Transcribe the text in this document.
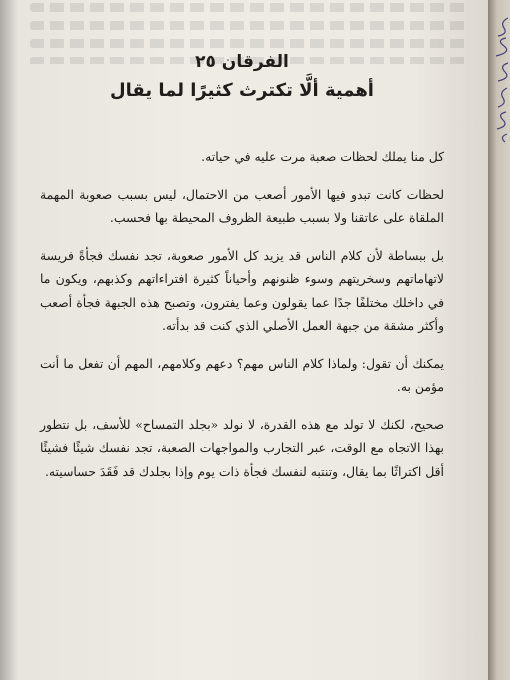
الفرقان ٢٥
أهمية ألَّا تكترث كثيرًا لما يقال

كل منا يملك لحظات صعبة مرت عليه في حياته.

لحظات كانت تبدو فيها الأمور أصعب من الاحتمال، ليس بسبب صعوبة المهمة الملقاة على عاتقنا ولا بسبب طبيعة الظروف المحيطة بها فحسب.

بل ببساطة لأن كلام الناس قد يزيد كل الأمور صعوبة، تجد نفسك فجأةً فريسة لاتهاماتهم وسخريتهم وسوء ظنونهم وأحياناً كثيرة افتراءاتهم وكذبهم، ويكون ما في داخلك مختلفًا جدًا عما يقولون وعما يفترون، وتصبح هذه الجبهة فجأة أصعب وأكثر مشقة من جبهة العمل الأصلي الذي كنت قد بدأته.

يمكنك أن تقول: ولماذا كلام الناس مهم؟ دعهم وكلامهم، المهم أن تفعل ما أنت مؤمن به.

صحيح، لكنك لا تولد مع هذه القدرة، لا نولد «بجلد التمساح» للأسف، بل نتطور بهذا الاتجاه مع الوقت، عبر التجارب والمواجهات الصعبة، تجد نفسك شيئًا فشيئًا أقل اكتراثًا بما يقال، وتنتبه لنفسك فجأة ذات يوم وإذا بجلدك قد فَقَدَ حساسيته.
